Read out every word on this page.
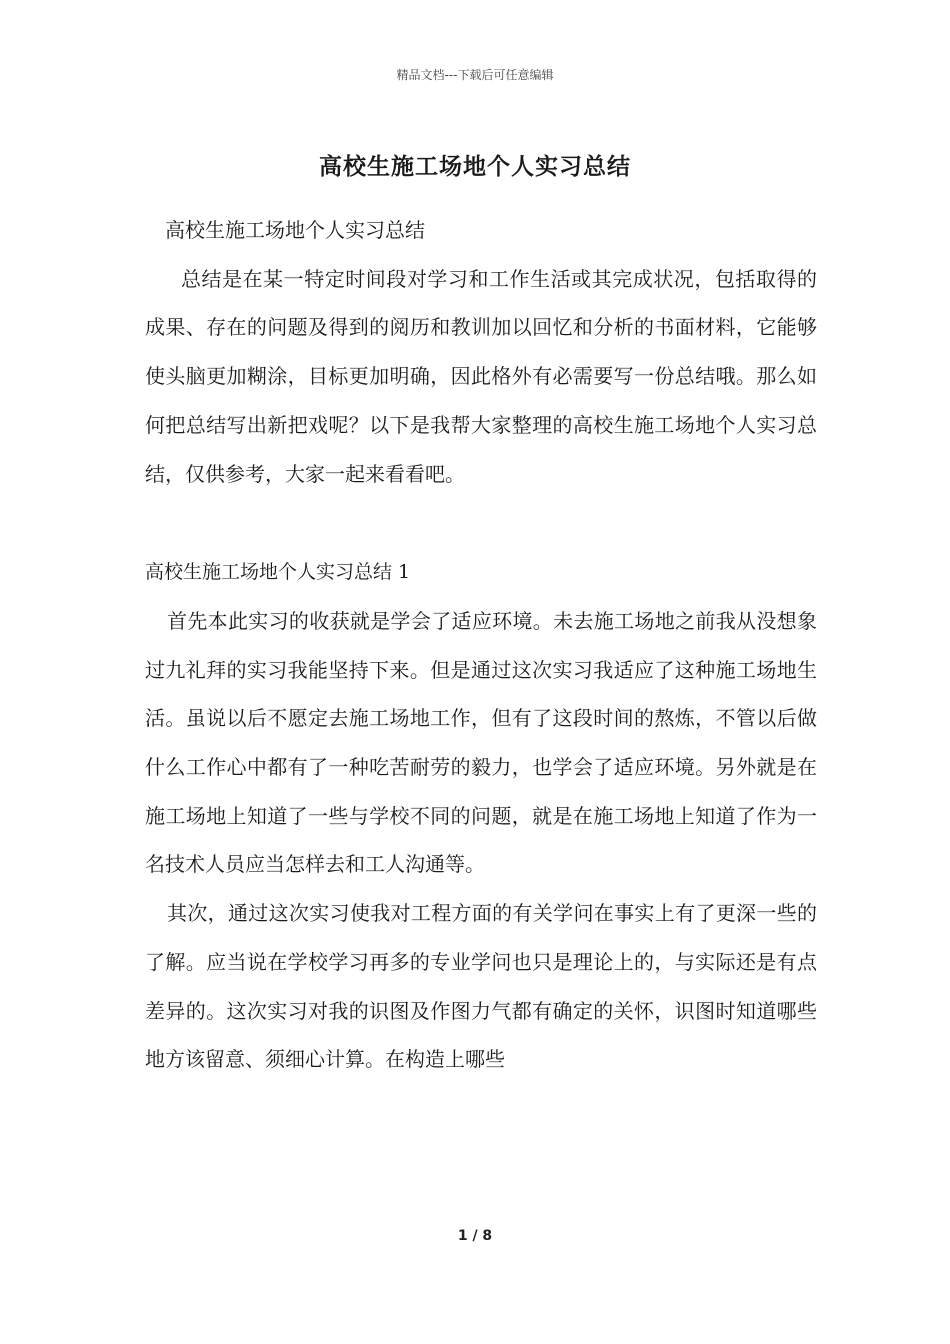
精品文档---下载后可任意编辑
高校生施工场地个人实习总结

高校生施工场地个人实习总结

总结是在某一特定时间段对学习和工作生活或其完成状况，包括取得的成果、存在的问题及得到的阅历和教训加以回忆和分析的书面材料，它能够使头脑更加糊涂，目标更加明确，因此格外有必需要写一份总结哦。那么如何把总结写出新把戏呢？以下是我帮大家整理的高校生施工场地个人实习总结，仅供参考，大家一起来看看吧。

高校生施工场地个人实习总结 1

首先本此实习的收获就是学会了适应环境。未去施工场地之前我从没想象过九礼拜的实习我能坚持下来。但是通过这次实习我适应了这种施工场地生活。虽说以后不愿定去施工场地工作，但有了这段时间的熬炼，不管以后做什么工作心中都有了一种吃苦耐劳的毅力，也学会了适应环境。另外就是在施工场地上知道了一些与学校不同的问题，就是在施工场地上知道了作为一名技术人员应当怎样去和工人沟通等。

其次，通过这次实习使我对工程方面的有关学问在事实上有了更深一些的了解。应当说在学校学习再多的专业学问也只是理论上的，与实际还是有点差异的。这次实习对我的识图及作图力气都有确定的关怀，识图时知道哪些地方该留意、须细心计算。在构造上哪些

1 / 8
